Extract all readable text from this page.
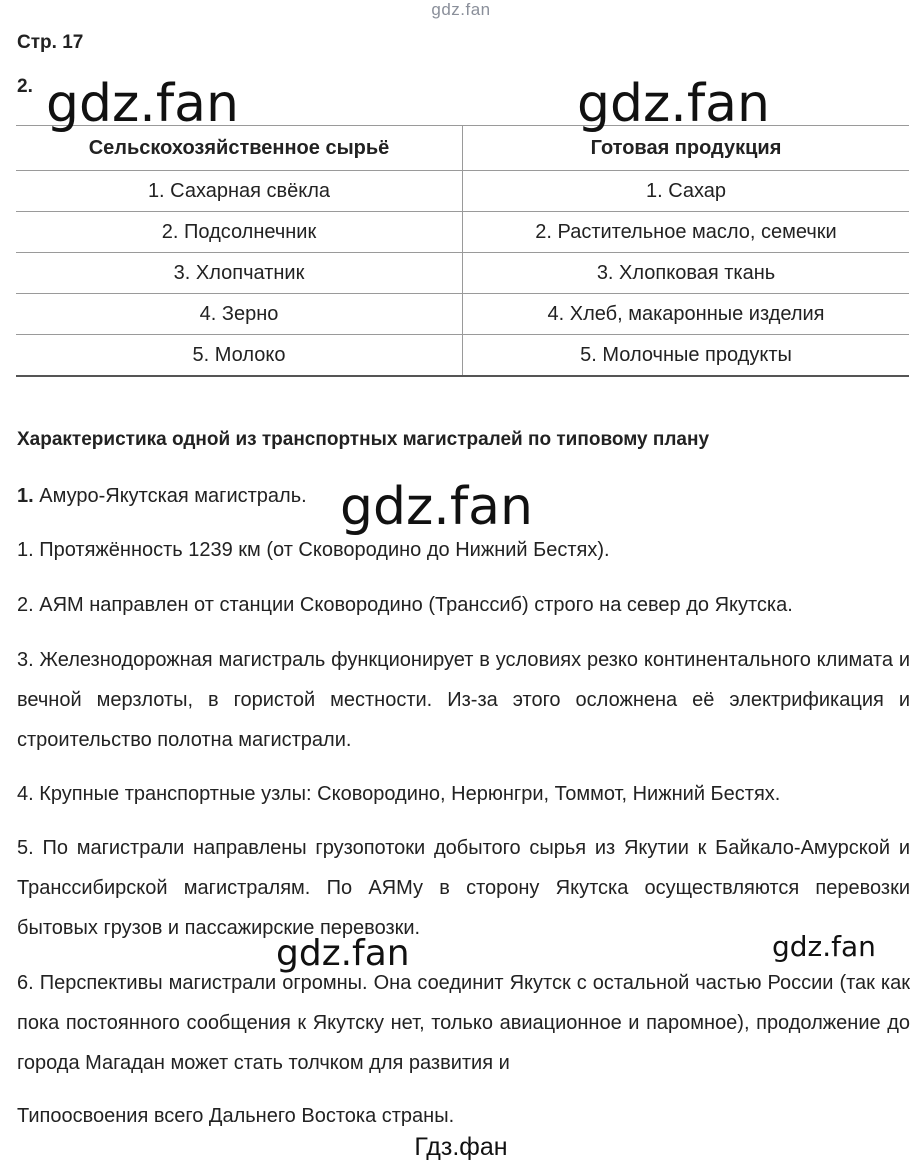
gdz.fan
Стр. 17
2.
Сельскохозяйственное сырьё	Готовая продукция
1. Сахарная свёкла	1. Сахар
2. Подсолнечник	2. Растительное масло, семечки
3. Хлопчатник	3. Хлопковая ткань
4. Зерно	4. Хлеб, макаронные изделия
5. Молоко	5. Молочные продукты
Характеристика одной из транспортных магистралей по типовому плану
1. Амуро-Якутская магистраль.
1. Протяжённость 1239 км (от Сковородино до Нижний Бестях).
2. АЯМ направлен от станции Сковородино (Транссиб) строго на север до Якутска.
3. Железнодорожная магистраль функционирует в условиях резко континентального климата и вечной мерзлоты, в гористой местности. Из-за этого осложнена её электрификация и строительство полотна магистрали.
4. Крупные транспортные узлы: Сковородино, Нерюнгри, Томмот, Нижний Бестях.
5. По магистрали направлены грузопотоки добытого сырья из Якутии к Байкало-Амурской и Транссибирской магистралям. По АЯМу в сторону Якутска осуществляются перевозки бытовых грузов и пассажирские перевозки.
6. Перспективы магистрали огромны. Она соединит Якутск с остальной частью России (так как пока постоянного сообщения к Якутску нет, только авиационное и паромное), продолжение до города Магадан может стать толчком для развития и
Типоосвоения всего Дальнего Востока страны.
gdz.fan	gdz.fan
gdz.fan
gdz.fan	gdz.fan
Гдз.фан
